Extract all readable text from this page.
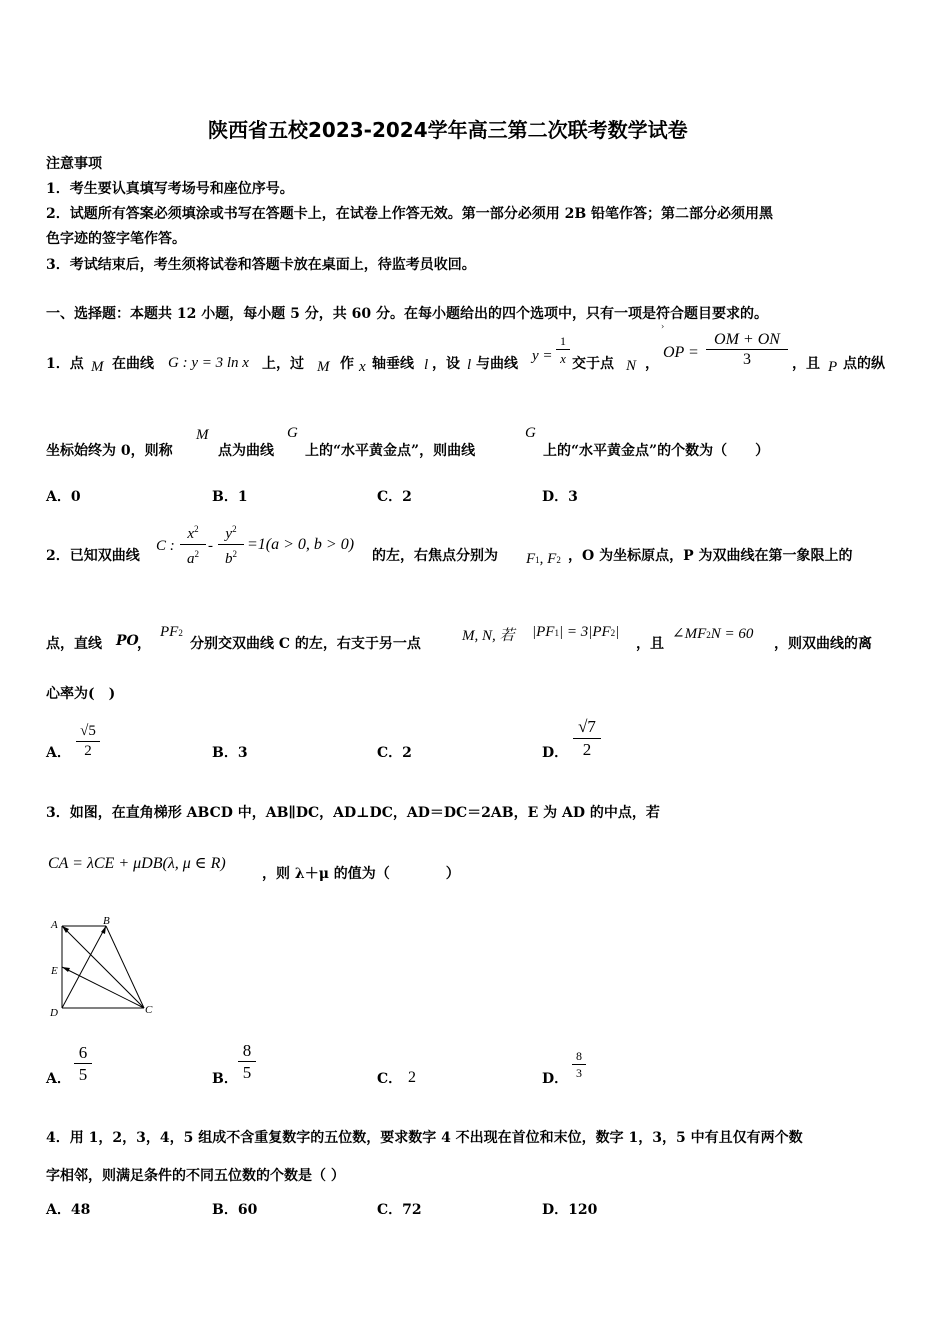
陕西省五校2023-2024学年高三第二次联考数学试卷
注意事项
1．考生要认真填写考场号和座位序号。
2．试题所有答案必须填涂或书写在答题卡上，在试卷上作答无效。第一部分必须用 2B 铅笔作答；第二部分必须用黑
色字迹的签字笔作答。
3．考试结束后，考生须将试卷和答题卡放在桌面上，待监考员收回。
一、选择题：本题共 12 小题，每小题 5 分，共 60 分。在每小题给出的四个选项中，只有一项是符合题目要求的。
1．点 M 在曲线 G : y = 3 ln x 上，过 M 作 x 轴垂线 l ，设 l 与曲线 $y = \frac{1}{x}$ 交于点 N ，
›
OP = $\frac{OM + ON}{3}$ ，且 P 点的纵
坐标始终为 0，则称
M
点为曲线
G
上的“水平黄金点”，则曲线
G
上的“水平黄金点”的个数为（　　）
A．0	B．1	C．2	D．3
2．已知双曲线
C : $\frac{x^2}{a^2} - \frac{y^2}{b^2} =1(a > 0$, b > 0)
的左，右焦点分别为 F1, F2 ，O 为坐标原点，P 为双曲线在第一象限上的
点，直线 PO
，
PF2
分别交双曲线 C 的左，右支于另一点	M, N, 若 |PF1| = 3|PF2|
，且
∠MF2N = 60
，则双曲线的离
心率为(　)
A． $\frac{√5}{2}$	B．3	C．2	D． $\frac{√7}{2}$
3．如图，在直角梯形 ABCD 中，AB∥DC，AD⊥DC，AD＝DC＝2AB，E 为 AD 的中点，若
CA = λCE + μDB(λ, μ ∈ R)
，则 λ＋μ 的值为（　　　　）
A	B
C
D
E
A． $\frac{6}{5}$	B． $\frac{8}{5}$	C． 2	D． $\frac{8}{3}$
4．用 1，2，3，4，5 组成不含重复数字的五位数，要求数字 4 不出现在首位和末位，数字 1，3，5 中有且仅有两个数
字相邻，则满足条件的不同五位数的个数是（ ）
A．48	B．60	C．72	D．120
